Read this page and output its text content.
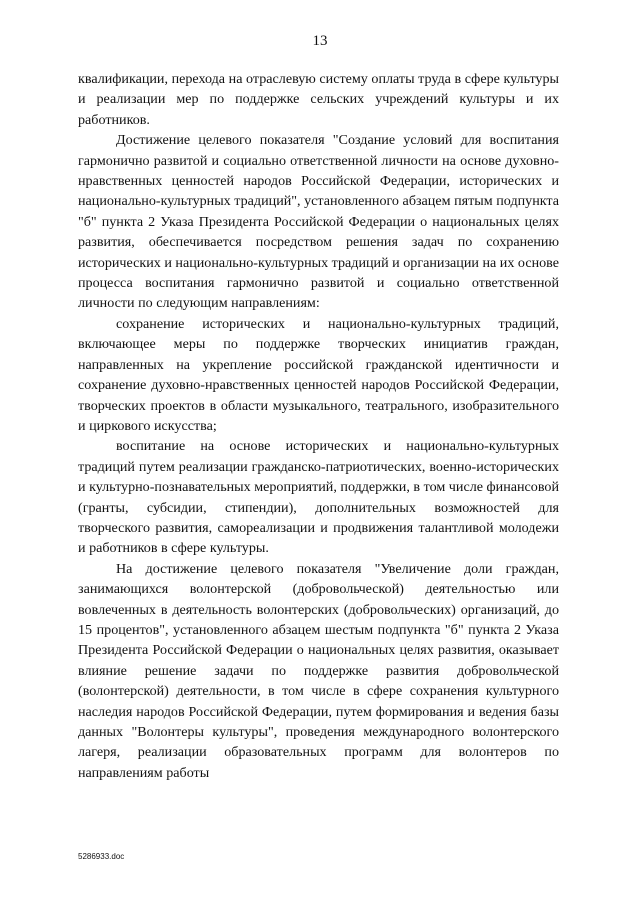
13

квалификации, перехода на отраслевую систему оплаты труда в сфере культуры и реализации мер по поддержке сельских учреждений культуры и их работников.

Достижение целевого показателя "Создание условий для воспитания гармонично развитой и социально ответственной личности на основе духовно-нравственных ценностей народов Российской Федерации, исторических и национально-культурных традиций", установленного абзацем пятым подпункта "б" пункта 2 Указа Президента Российской Федерации о национальных целях развития, обеспечивается посредством решения задач по сохранению исторических и национально-культурных традиций и организации на их основе процесса воспитания гармонично развитой и социально ответственной личности по следующим направлениям:

сохранение исторических и национально-культурных традиций, включающее меры по поддержке творческих инициатив граждан, направленных на укрепление российской гражданской идентичности и сохранение духовно-нравственных ценностей народов Российской Федерации, творческих проектов в области музыкального, театрального, изобразительного и циркового искусства;

воспитание на основе исторических и национально-культурных традиций путем реализации гражданско-патриотических, военно-исторических и культурно-познавательных мероприятий, поддержки, в том числе финансовой (гранты, субсидии, стипендии), дополнительных возможностей для творческого развития, самореализации и продвижения талантливой молодежи и работников в сфере культуры.

На достижение целевого показателя "Увеличение доли граждан, занимающихся волонтерской (добровольческой) деятельностью или вовлеченных в деятельность волонтерских (добровольческих) организаций, до 15 процентов", установленного абзацем шестым подпункта "б" пункта 2 Указа Президента Российской Федерации о национальных целях развития, оказывает влияние решение задачи по поддержке развития добровольческой (волонтерской) деятельности, в том числе в сфере сохранения культурного наследия народов Российской Федерации, путем формирования и ведения базы данных "Волонтеры культуры", проведения международного волонтерского лагеря, реализации образовательных программ для волонтеров по направлениям работы

5286933.doc
